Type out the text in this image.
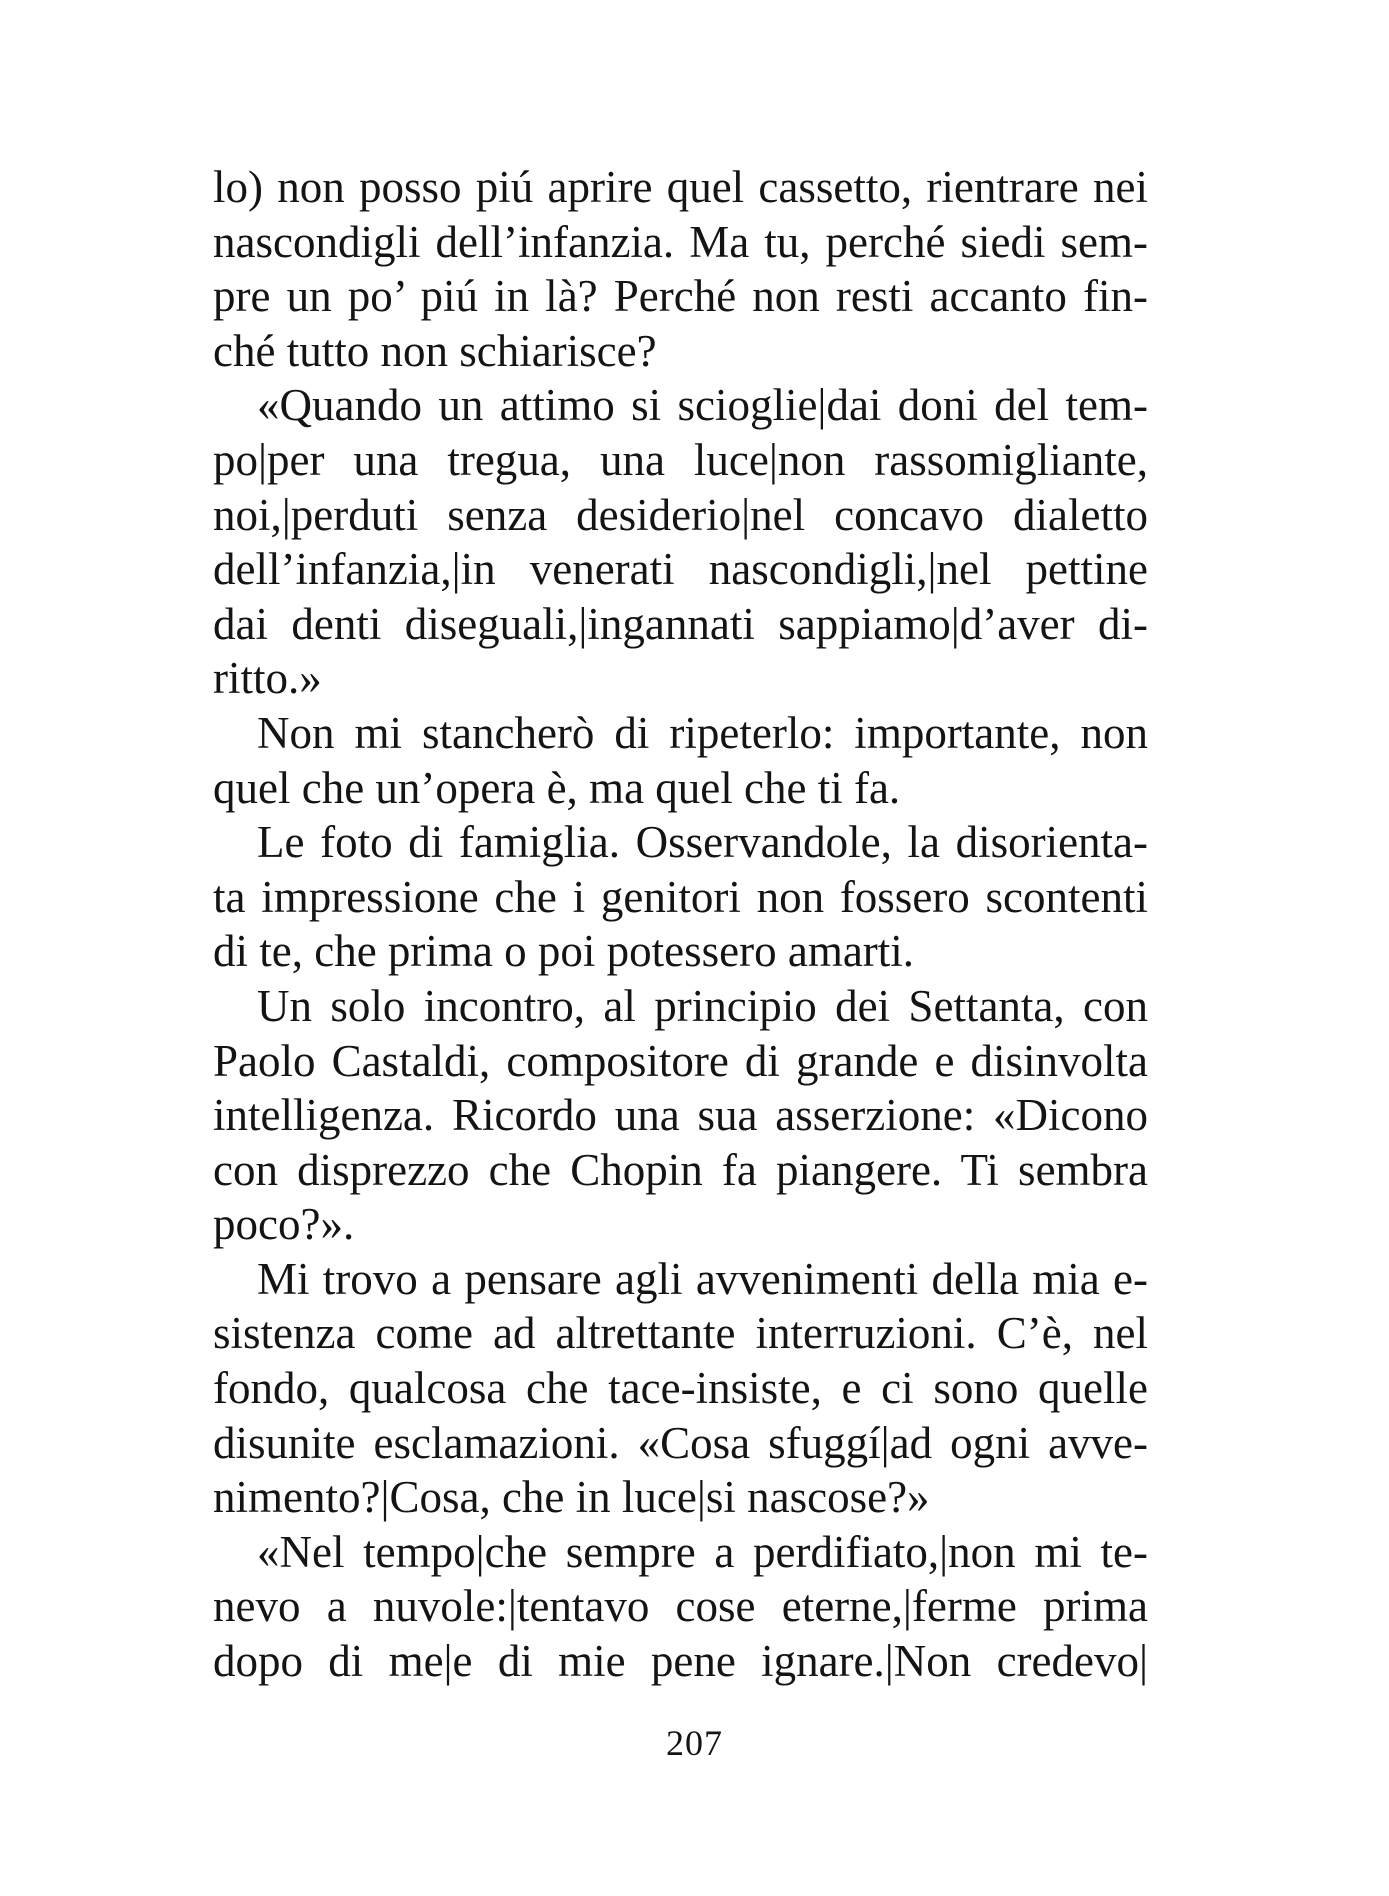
lo) non posso piú aprire quel cassetto, rientrare nei
nascondigli dell’infanzia. Ma tu, perché siedi sem-
pre un po’ piú in là? Perché non resti accanto fin-
ché tutto non schiarisce?
«Quando un attimo si scioglie|dai doni del tem-
po|per una tregua, una luce|non rassomigliante,
noi,|perduti senza desiderio|nel concavo dialetto
dell’infanzia,|in venerati nascondigli,|nel pettine
dai denti diseguali,|ingannati sappiamo|d’aver di-
ritto.»
Non mi stancherò di ripeterlo: importante, non
quel che un’opera è, ma quel che ti fa.
Le foto di famiglia. Osservandole, la disorienta-
ta impressione che i genitori non fossero scontenti
di te, che prima o poi potessero amarti.
Un solo incontro, al principio dei Settanta, con
Paolo Castaldi, compositore di grande e disinvolta
intelligenza. Ricordo una sua asserzione: «Dicono
con disprezzo che Chopin fa piangere. Ti sembra
poco?».
Mi trovo a pensare agli avvenimenti della mia e-
sistenza come ad altrettante interruzioni. C’è, nel
fondo, qualcosa che tace-insiste, e ci sono quelle
disunite esclamazioni. «Cosa sfuggí|ad ogni avve-
nimento?|Cosa, che in luce|si nascose?»
«Nel tempo|che sempre a perdifiato,|non mi te-
nevo a nuvole:|tentavo cose eterne,|ferme prima
dopo di me|e di mie pene ignare.|Non credevo|
207
